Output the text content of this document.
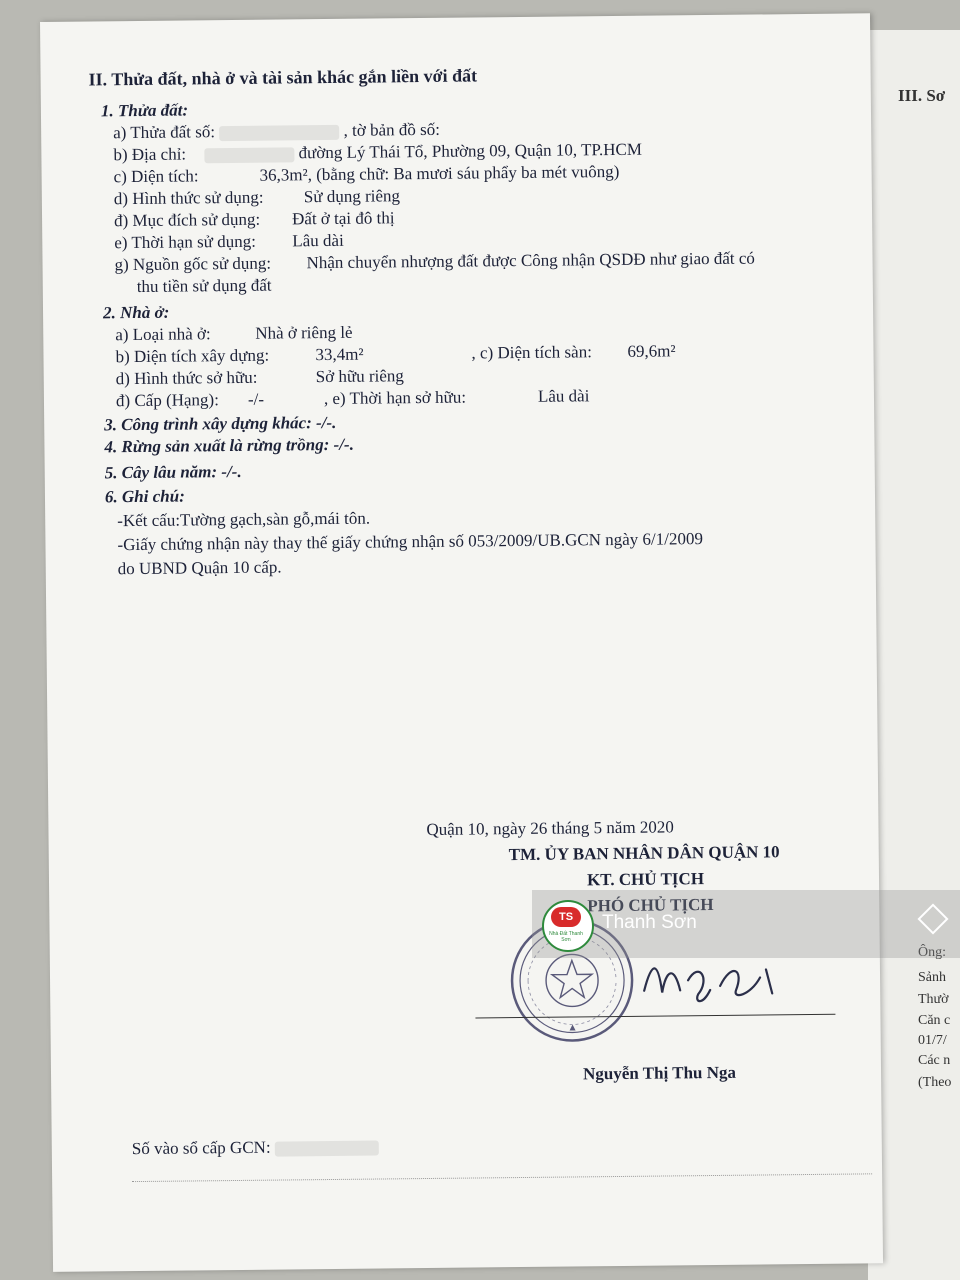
III. Sơ
Ông:
Sảnh
Thườ
Căn c
01/7/
Các n
(Theo
II. Thửa đất, nhà ở và tài sản khác gắn liền với đất
1. Thửa đất:
a) Thửa đất số:	, tờ bản đồ số:
b) Địa chỉ:	đường Lý Thái Tổ, Phường 09, Quận 10, TP.HCM
c) Diện tích:	36,3m², (bằng chữ: Ba mươi sáu phẩy ba mét vuông)
d) Hình thức sử dụng: Sử dụng riêng
đ) Mục đích sử dụng: Đất ở tại đô thị
e) Thời hạn sử dụng: Lâu dài
g) Nguồn gốc sử dụng: Nhận chuyển nhượng đất được Công nhận QSDĐ như giao đất có
thu tiền sử dụng đất
2. Nhà ở:
a) Loại nhà ở:	Nhà ở riêng lẻ
b) Diện tích xây dựng:	33,4m²	, c) Diện tích sàn: 69,6m²
d) Hình thức sở hữu:	Sở hữu riêng
đ) Cấp (Hạng): -/-	, e) Thời hạn sở hữu:	Lâu dài
3. Công trình xây dựng khác: -/-.
4. Rừng sản xuất là rừng trồng: -/-.
5. Cây lâu năm: -/-.
6. Ghi chú:
-Kết cấu:Tường gạch,sàn gỗ,mái tôn.
-Giấy chứng nhận này thay thế giấy chứng nhận số 053/2009/UB.GCN ngày 6/1/2009
do UBND Quận 10 cấp.
Quận 10, ngày 26 tháng 5 năm 2020
TM. ỦY BAN NHÂN DÂN QUẬN 10
KT. CHỦ TỊCH
PHÓ CHỦ TỊCH
Nguyễn Thị Thu Nga
Số vào sổ cấp GCN:
TS
Nhà Đất Thanh Sơn
Thanh Sơn
